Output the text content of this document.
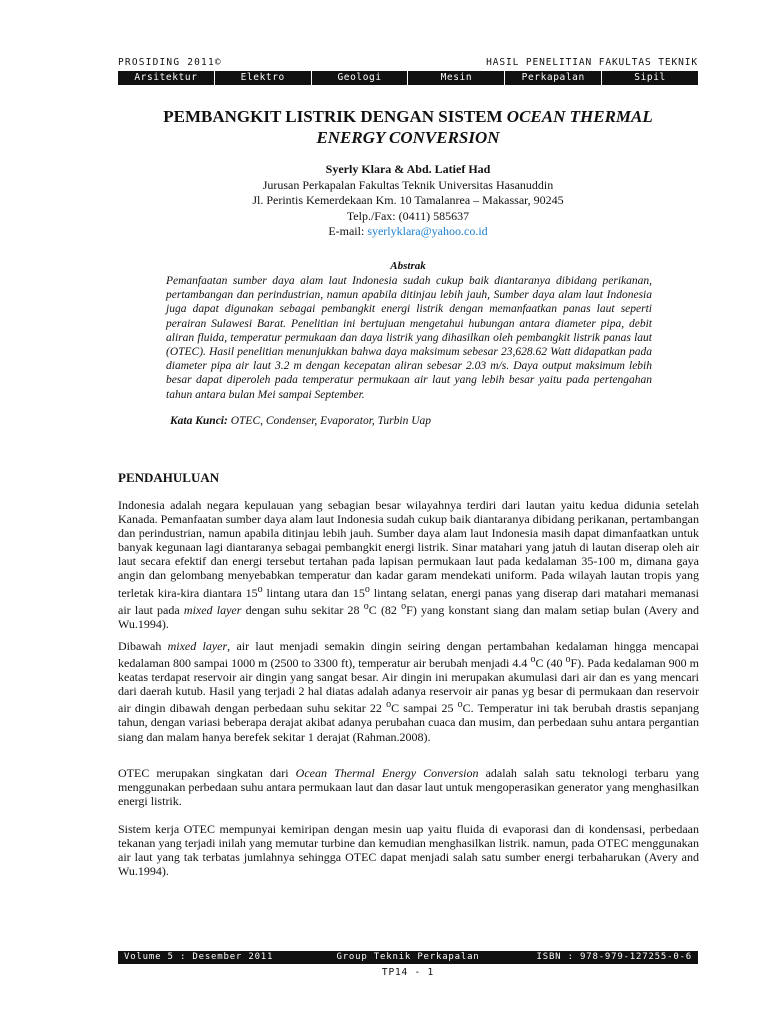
PROSIDING 2011©	HASIL PENELITIAN FAKULTAS TEKNIK
Arsitektur	Elektro	Geologi	Mesin	Perkapalan	Sipil
PEMBANGKIT LISTRIK DENGAN SISTEM OCEAN THERMAL
ENERGY CONVERSION
Syerly Klara & Abd. Latief Had
Jurusan Perkapalan Fakultas Teknik Universitas Hasanuddin
Jl. Perintis Kemerdekaan Km. 10 Tamalanrea – Makassar, 90245
Telp./Fax: (0411) 585637
E-mail: syerlyklara@yahoo.co.id
Abstrak
Pemanfaatan sumber daya alam laut Indonesia sudah cukup baik diantaranya dibidang perikanan, pertambangan dan perindustrian, namun apabila ditinjau lebih jauh, Sumber daya alam laut Indonesia juga dapat digunakan sebagai pembangkit energi listrik dengan memanfaatkan panas laut seperti perairan Sulawesi Barat. Penelitian ini bertujuan mengetahui hubungan antara diameter pipa, debit aliran fluida, temperatur permukaan dan daya listrik yang dihasilkan oleh pembangkit listrik panas laut (OTEC). Hasil penelitian menunjukkan bahwa daya maksimum sebesar 23,628.62 Watt didapatkan pada diameter pipa air laut 3.2 m dengan kecepatan aliran sebesar 2.03 m/s. Daya output maksimum lebih besar dapat diperoleh pada temperatur permukaan air laut yang lebih besar yaitu pada pertengahan tahun antara bulan Mei sampai September.
Kata Kunci: OTEC, Condenser, Evaporator, Turbin Uap
PENDAHULUAN
Indonesia adalah negara kepulauan yang sebagian besar wilayahnya terdiri dari lautan yaitu kedua didunia setelah Kanada. Pemanfaatan sumber daya alam laut Indonesia sudah cukup baik diantaranya dibidang perikanan, pertambangan dan perindustrian, namun apabila ditinjau lebih jauh. Sumber daya alam laut Indonesia masih dapat dimanfaatkan untuk banyak kegunaan lagi diantaranya sebagai pembangkit energi listrik. Sinar matahari yang jatuh di lautan diserap oleh air laut secara efektif dan energi tersebut tertahan pada lapisan permukaan laut pada kedalaman 35-100 m, dimana gaya angin dan gelombang menyebabkan temperatur dan kadar garam mendekati uniform. Pada wilayah lautan tropis yang terletak kira-kira diantara 15$^o$ lintang utara dan 15$^o$ lintang selatan, energi panas yang diserap dari matahari memanasi air laut pada mixed layer dengan suhu sekitar 28 $^o$C (82 $^o$F) yang konstant siang dan malam setiap bulan (Avery and Wu.1994).
Dibawah mixed layer, air laut menjadi semakin dingin seiring dengan pertambahan kedalaman hingga mencapai kedalaman 800 sampai 1000 m (2500 to 3300 ft), temperatur air berubah menjadi 4.4 $^o$C (40 $^o$F). Pada kedalaman 900 m keatas terdapat reservoir air dingin yang sangat besar. Air dingin ini merupakan akumulasi dari air dan es yang mencari dari daerah kutub. Hasil yang terjadi 2 hal diatas adalah adanya reservoir air panas yg besar di permukaan dan reservoir air dingin dibawah dengan perbedaan suhu sekitar 22 $^o$C sampai 25 $^o$C. Temperatur ini tak berubah drastis sepanjang tahun, dengan variasi beberapa derajat akibat adanya perubahan cuaca dan musim, dan perbedaan suhu antara pergantian siang dan malam hanya berefek sekitar 1 derajat (Rahman.2008).
OTEC merupakan singkatan dari Ocean Thermal Energy Conversion adalah salah satu teknologi terbaru yang menggunakan perbedaan suhu antara permukaan laut dan dasar laut untuk mengoperasikan generator yang menghasilkan energi listrik.
Sistem kerja OTEC mempunyai kemiripan dengan mesin uap yaitu fluida di evaporasi dan di kondensasi, perbedaan tekanan yang terjadi inilah yang memutar turbine dan kemudian menghasilkan listrik. namun, pada OTEC menggunakan air laut yang tak terbatas jumlahnya sehingga OTEC dapat menjadi salah satu sumber energi terbaharukan (Avery and Wu.1994).
Volume 5 : Desember 2011	Group Teknik Perkapalan	ISBN : 978-979-127255-0-6
TP14 - 1
